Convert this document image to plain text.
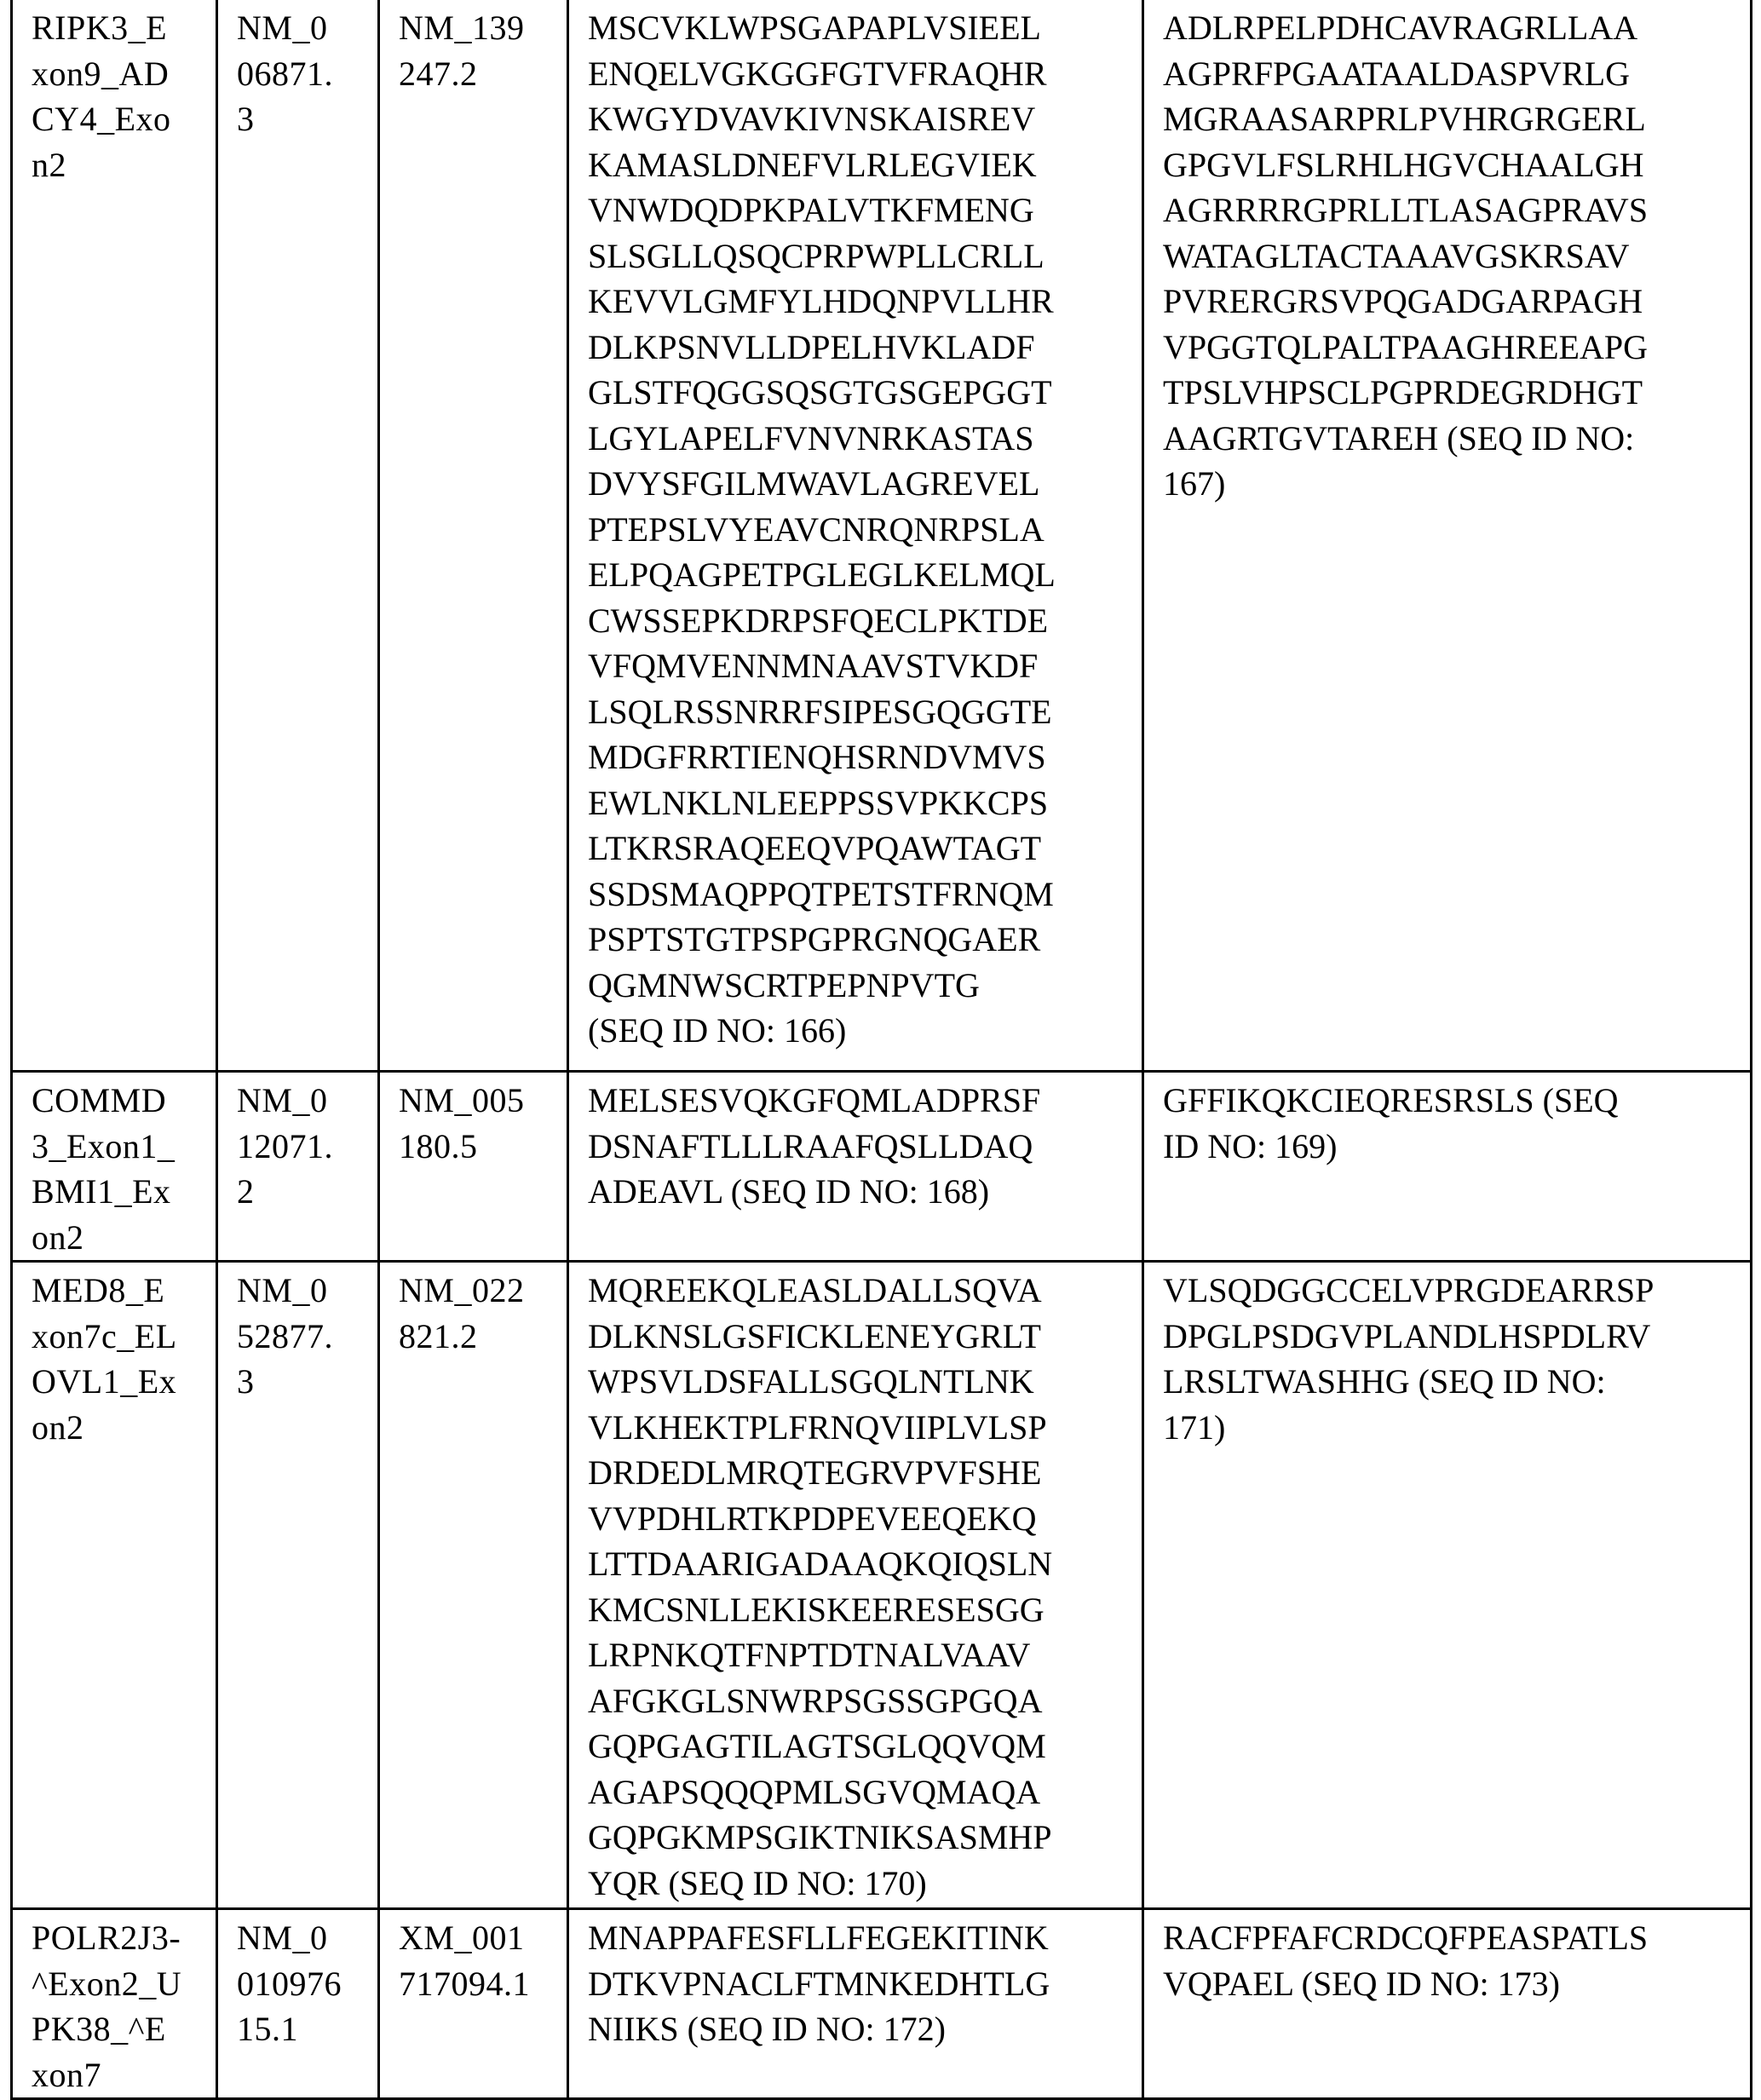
RIPK3_E
xon9_AD
CY4_Exo
n2	NM_0
06871.
3	NM_139
247.2	MSCVKLWPSGAPAPLVSIEEL
ENQELVGKGGFGTVFRAQHR
KWGYDVAVKIVNSKAISREV
KAMASLDNEFVLRLEGVIEK
VNWDQDPKPALVTKFMENG
SLSGLLQSQCPRPWPLLCRLL
KEVVLGMFYLHDQNPVLLHR
DLKPSNVLLDPELHVKLADF
GLSTFQGGSQSGTGSGEPGGT
LGYLAPELFVNVNRKASTAS
DVYSFGILMWAVLAGREVEL
PTEPSLVYEAVCNRQNRPSLA
ELPQAGPETPGLEGLKELMQL
CWSSEPKDRPSFQECLPKTDE
VFQMVENNMNAAVSTVKDF
LSQLRSSNRRFSIPESGQGGTE
MDGFRRTIENQHSRNDVMVS
EWLNKLNLEEPPSSVPKKCPS
LTKRSRAQEEQVPQAWTAGT
SSDSMAQPPQTPETSTFRNQM
PSPTSTGTPSPGPRGNQGAER
QGMNWSCRTPEPNPVTG
(SEQ ID NO: 166)	ADLRPELPDHCAVRAGRLLAA
AGPRFPGAATAALDASPVRLG
MGRAASARPRLPVHRGRGERL
GPGVLFSLRHLHGVCHAALGH
AGRRRRGPRLLTLASAGPRAVS
WATAGLTACTAAAVGSKRSAV
PVRERGRSVPQGADGARPAGH
VPGGTQLPALTPAAGHREEAPG
TPSLVHPSCLPGPRDEGRDHGT
AAGRTGVTAREH (SEQ ID NO:
167)
COMMD
3_Exon1_
BMI1_Ex
on2	NM_0
12071.
2	NM_005
180.5	MELSESVQKGFQMLADPRSF
DSNAFTLLLRAAFQSLLDAQ
ADEAVL (SEQ ID NO: 168)	GFFIKQKCIEQRESRSLS (SEQ
ID NO: 169)
MED8_E
xon7c_EL
OVL1_Ex
on2	NM_0
52877.
3	NM_022
821.2	MQREEKQLEASLDALLSQVA
DLKNSLGSFICKLENEYGRLT
WPSVLDSFALLSGQLNTLNK
VLKHEKTPLFRNQVIIPLVLSP
DRDEDLMRQTEGRVPVFSHE
VVPDHLRTKPDPEVEEQEKQ
LTTDAARIGADAAQKQIQSLN
KMCSNLLEKISKEERESESGG
LRPNKQTFNPTDTNALVAAV
AFGKGLSNWRPSGSSGPGQA
GQPGAGTILAGTSGLQQVQM
AGAPSQQQPMLSGVQMAQA
GQPGKMPSGIKTNIKSASMHP
YQR (SEQ ID NO: 170)	VLSQDGGCCELVPRGDEARRSP
DPGLPSDGVPLANDLHSPDLRV
LRSLTWASHHG (SEQ ID NO:
171)
POLR2J3-
^Exon2_U
PK38_^E
xon7	NM_0
010976
15.1	XM_001
717094.1	MNAPPAFESFLLFEGEKITINK
DTKVPNACLFTMNKEDHTLG
NIIKS (SEQ ID NO: 172)	RACFPFAFCRDCQFPEASPATLS
VQPAEL (SEQ ID NO: 173)
